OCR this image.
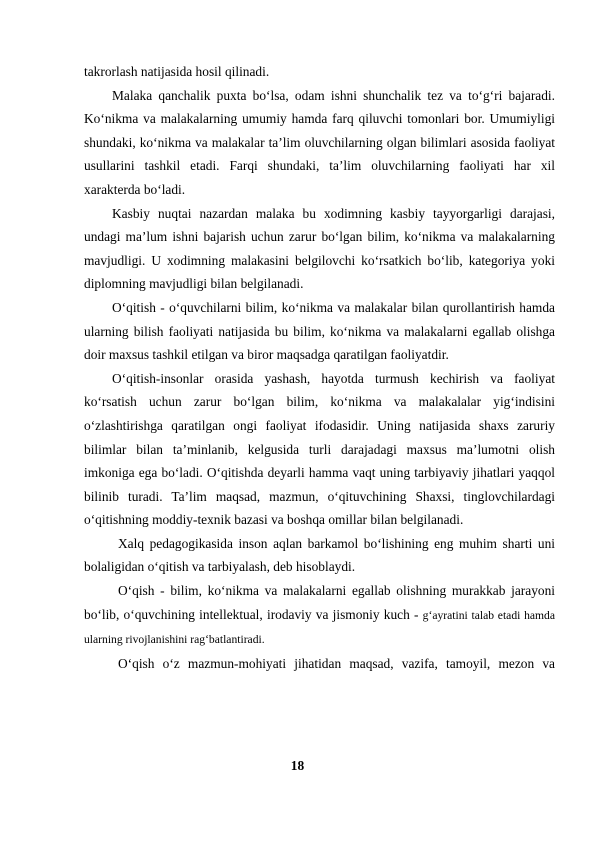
takrorlash natijasida hosil qilinadi.

Malaka qanchalik puxta bo‘lsa, odam ishni shunchalik tez va to‘g‘ri bajaradi. Ko‘nikma va malakalarning umumiy hamda farq qiluvchi tomonlari bor. Umumiyligi shundaki, ko‘nikma va malakalar ta’lim oluvchilarning olgan bilimlari asosida faoliyat usullarini tashkil etadi. Farqi shundaki, ta’lim oluvchilarning faoliyati har xil xarakterda bo‘ladi.

Kasbiy nuqtai nazardan malaka bu xodimning kasbiy tayyorgarligi darajasi, undagi ma’lum ishni bajarish uchun zarur bo‘lgan bilim, ko‘nikma va malakalarning mavjudligi. U xodimning malakasini belgilovchi ko‘rsatkich bo‘lib, kategoriya yoki diplomning mavjudligi bilan belgilanadi.

O‘qitish - o‘quvchilarni bilim, ko‘nikma va malakalar bilan qurollantirish hamda ularning bilish faoliyati natijasida bu bilim, ko‘nikma va malakalarni egallab olishga doir maxsus tashkil etilgan va biror maqsadga qaratilgan faoliyatdir.

O‘qitish-insonlar orasida yashash, hayotda turmush kechirish va faoliyat ko‘rsatish uchun zarur bo‘lgan bilim, ko‘nikma va malakalalar yig‘indisini o‘zlashtirishga qaratilgan ongi faoliyat ifodasidir. Uning natijasida shaxs zaruriy bilimlar bilan ta’minlanib, kelgusida turli darajadagi maxsus ma’lumotni olish imkoniga ega bo‘ladi. O‘qitishda deyarli hamma vaqt uning tarbiyaviy jihatlari yaqqol bilinib turadi. Ta’lim maqsad, mazmun, o‘qituvchining Shaxsi, tinglovchilardagi o‘qitishning moddiy-texnik bazasi va boshqa omillar bilan belgilanadi.

Xalq pedagogikasida inson aqlan barkamol bo‘lishining eng muhim sharti uni bolaligidan o‘qitish va tarbiyalash, deb hisoblaydi.

O‘qish - bilim, ko‘nikma va malakalarni egallab olishning murakkab jarayoni bo‘lib, o‘quvchining intellektual, irodaviy va jismoniy kuch - g‘ayratini talab etadi hamda ularning rivojlanishini rag‘batlantiradi.

O‘qish o‘z mazmun-mohiyati jihatidan maqsad, vazifa, tamoyil, mezon va

18
